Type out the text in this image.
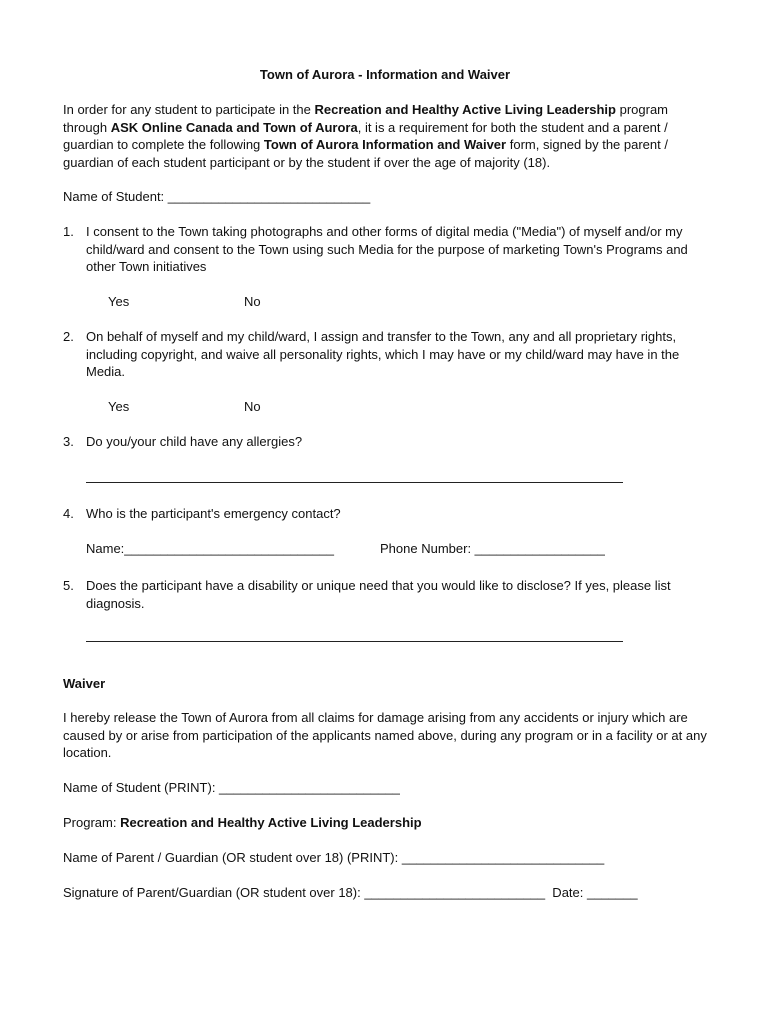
Town of Aurora - Information and Waiver
In order for any student to participate in the Recreation and Healthy Active Living Leadership program through ASK Online Canada and Town of Aurora, it is a requirement for both the student and a parent / guardian to complete the following Town of Aurora Information and Waiver form, signed by the parent / guardian of each student participant or by the student if over the age of majority (18).
Name of Student: ____________________________
1. I consent to the Town taking photographs and other forms of digital media ("Media") of myself and/or my child/ward and consent to the Town using such Media for the purpose of marketing Town's Programs and other Town initiatives
Yes	No
2. On behalf of myself and my child/ward, I assign and transfer to the Town, any and all proprietary rights, including copyright, and waive all personality rights, which I may have or my child/ward may have in the Media.
Yes	No
3. Do you/your child have any allergies?
4. Who is the participant's emergency contact?
Name:_____________________________	Phone Number: __________________
5. Does the participant have a disability or unique need that you would like to disclose? If yes, please list diagnosis.
Waiver
I hereby release the Town of Aurora from all claims for damage arising from any accidents or injury which are caused by or arise from participation of the applicants named above, during any program or in a facility or at any location.
Name of Student (PRINT): _________________________
Program: Recreation and Healthy Active Living Leadership
Name of Parent / Guardian (OR student over 18) (PRINT): ____________________________
Signature of Parent/Guardian (OR student over 18): _________________________  Date: _______
